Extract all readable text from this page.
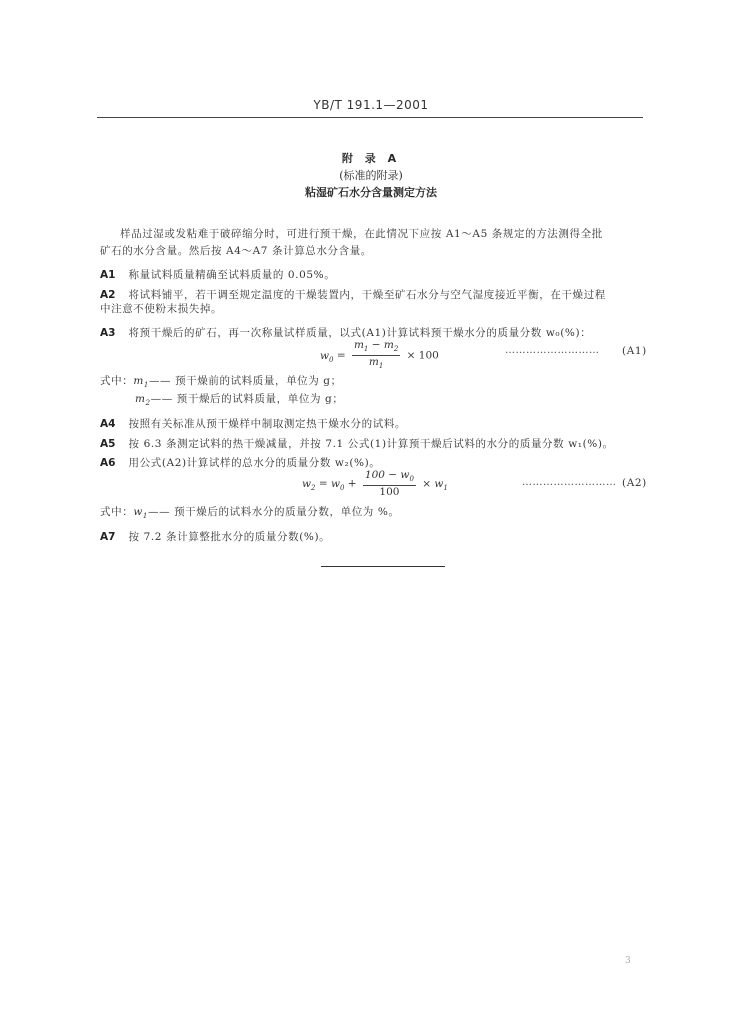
YB/T 191.1—2001
附 录 A
(标准的附录)
粘湿矿石水分含量测定方法
样品过湿或发粘难于破碎缩分时，可进行预干燥，在此情况下应按 A1～A5 条规定的方法测得全批
矿石的水分含量。然后按 A4～A7 条计算总水分含量。
A1 称量试料质量精确至试料质量的 0.05%。
A2 将试料铺平，若干调至规定温度的干燥装置内，干燥至矿石水分与空气湿度接近平衡，在干燥过程
中注意不使粉末损失掉。
A3 将预干燥后的矿石，再一次称量试样质量，以式(A1)计算试料预干燥水分的质量分数 w₀(%)：
$w_0 = \frac{m_1 - m_2}{m_1} \times 100$	……………………… (A1)
式中：$m_1——$ 预干燥前的试料质量，单位为 g；
$m_2——$ 预干燥后的试料质量，单位为 g；
A4 按照有关标准从预干燥样中制取测定热干燥水分的试料。
A5 按 6.3 条测定试料的热干燥减量，并按 7.1 公式(1)计算预干燥后试料的水分的质量分数 w₁(%)。
A6 用公式(A2)计算试样的总水分的质量分数 w₂(%)。
$w_2 = w_0 + \frac{100 - w_0}{100} \times w_1$	……………………… (A2)
式中：$w_1——$ 预干燥后的试料水分的质量分数，单位为 %。
A7 按 7.2 条计算整批水分的质量分数(%)。
3
